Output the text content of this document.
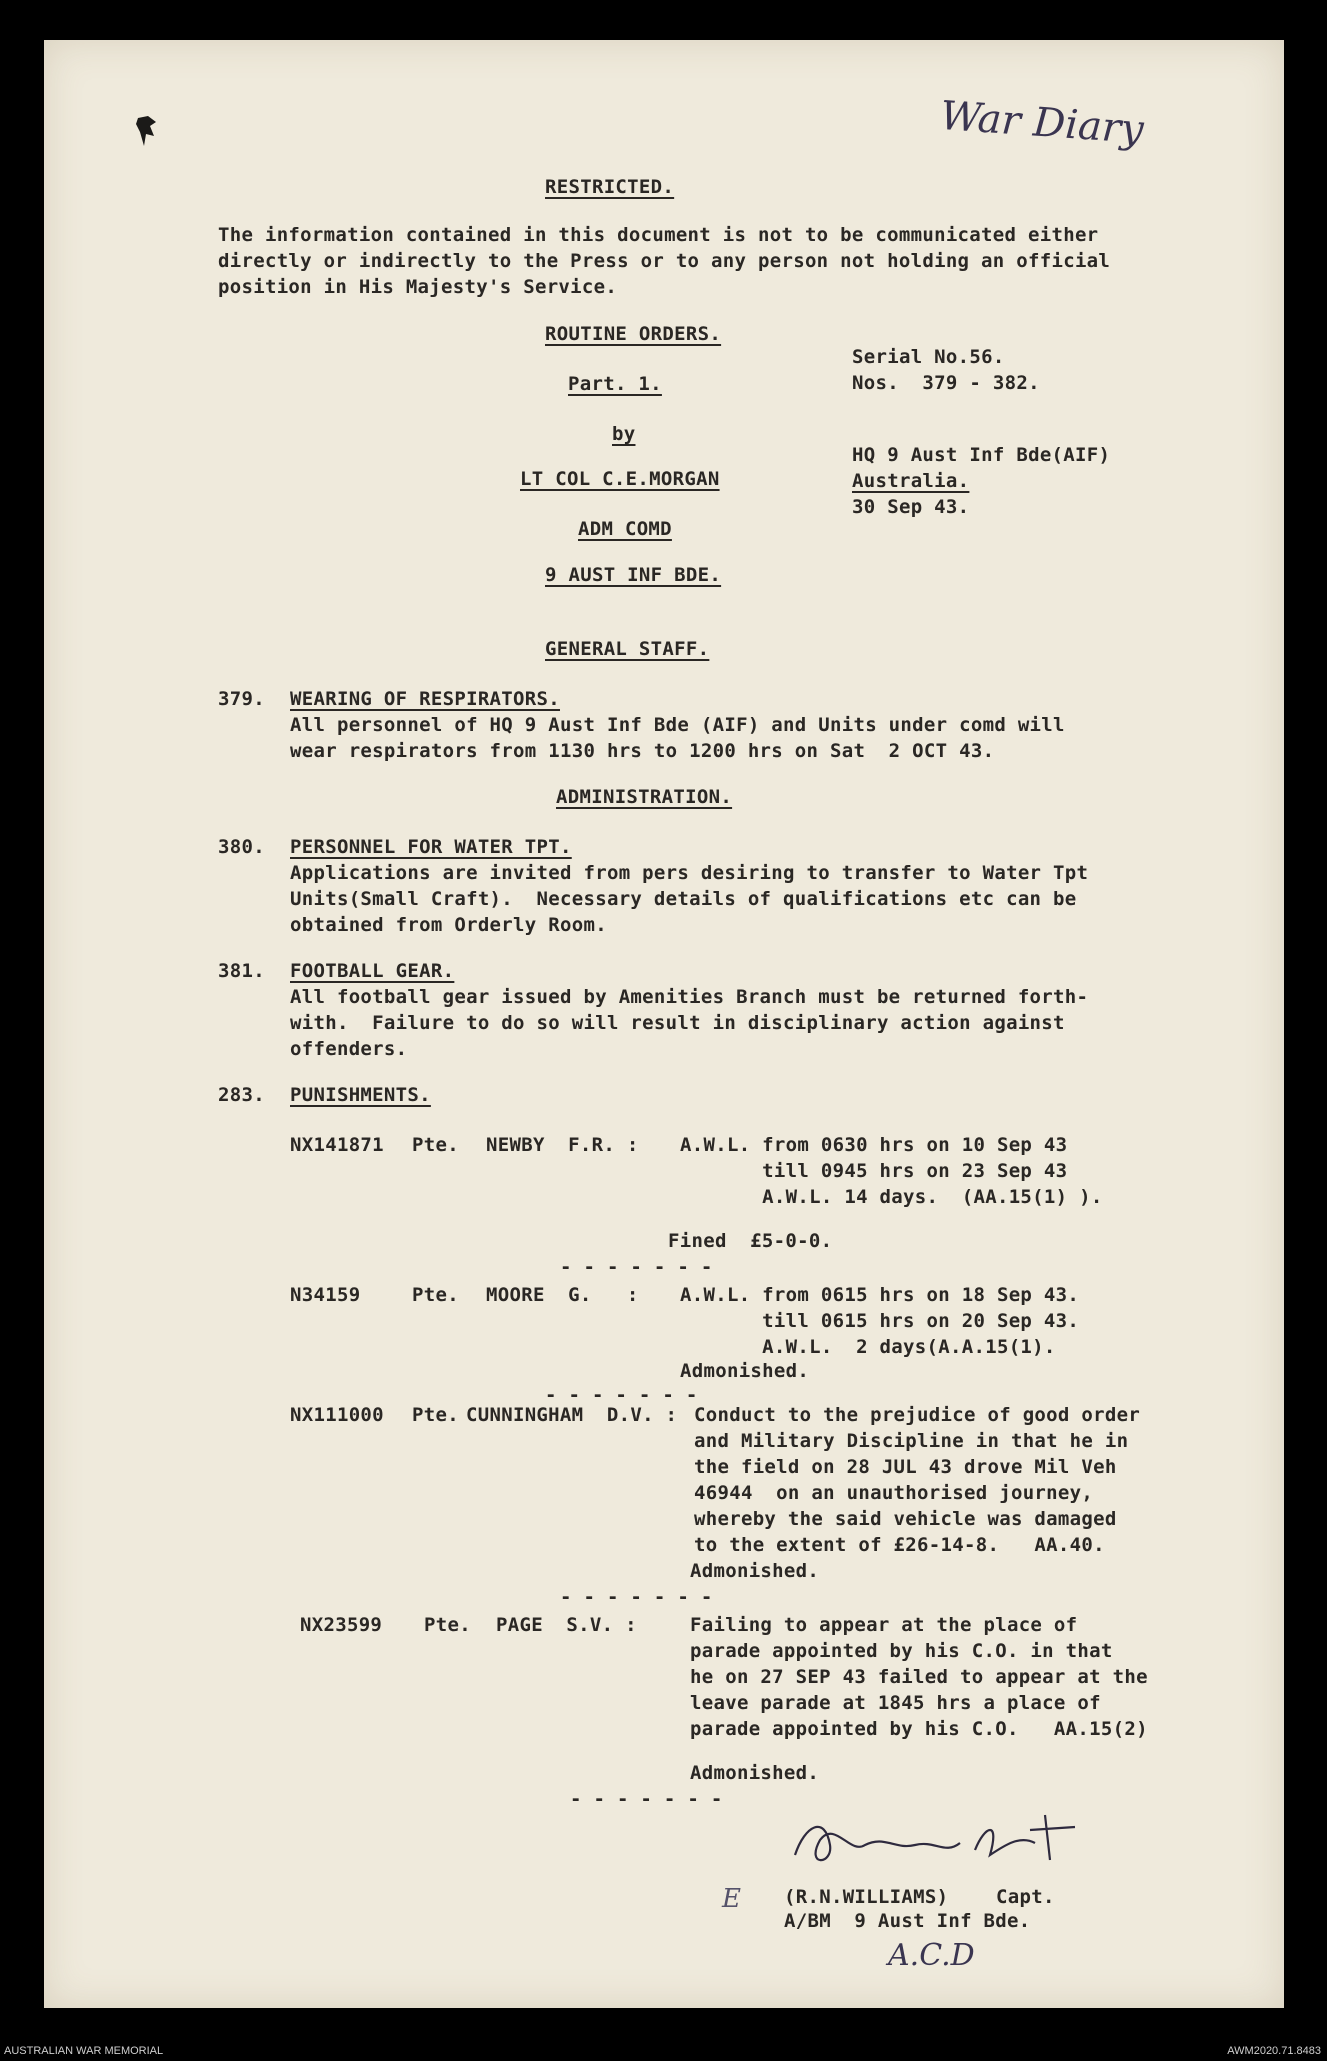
War Diary
RESTRICTED.
The information contained in this document is not to be communicated either
directly or indirectly to the Press or to any person not holding an official
position in His Majesty's Service.
ROUTINE ORDERS.
Part. 1.
by
LT COL C.E.MORGAN
ADM COMD
9 AUST INF BDE.
Serial No.56.
Nos.  379 - 382.
HQ 9 Aust Inf Bde(AIF)
Australia.
30 Sep 43.
GENERAL STAFF.
379. WEARING OF RESPIRATORS.
All personnel of HQ 9 Aust Inf Bde (AIF) and Units under comd will
wear respirators from 1130 hrs to 1200 hrs on Sat  2 OCT 43.
ADMINISTRATION.
380. PERSONNEL FOR WATER TPT.
Applications are invited from pers desiring to transfer to Water Tpt
Units(Small Craft).  Necessary details of qualifications etc can be
obtained from Orderly Room.
381. FOOTBALL GEAR.
All football gear issued by Amenities Branch must be returned forth-
with.  Failure to do so will result in disciplinary action against
offenders.
283. PUNISHMENTS.
NX141871 Pte. NEWBY  F.R. : A.W.L. from 0630 hrs on 10 Sep 43
till 0945 hrs on 23 Sep 43
A.W.L. 14 days.  (AA.15(1) ).
Fined  £5-0-0.
- - - - - - -
N34159	Pte. MOORE  G.   : A.W.L. from 0615 hrs on 18 Sep 43.
till 0615 hrs on 20 Sep 43.
A.W.L.  2 days(A.A.15(1).
Admonished.
- - - - - - -
NX111000 Pte. CUNNINGHAM  D.V. : Conduct to the prejudice of good order
and Military Discipline in that he in
the field on 28 JUL 43 drove Mil Veh
46944  on an unauthorised journey,
whereby the said vehicle was damaged
to the extent of £26-14-8.   AA.40.
Admonished.
- - - - - - -
NX23599 Pte. PAGE  S.V. :	Failing to appear at the place of
parade appointed by his C.O. in that
he on 27 SEP 43 failed to appear at the
leave parade at 1845 hrs a place of
parade appointed by his C.O.   AA.15(2)
Admonished.
- - - - - - -
(R.N.WILLIAMS)	Capt.
A/BM  9 Aust Inf Bde.
E
A.C.D
AUSTRALIAN WAR MEMORIAL	AWM2020.71.8483
